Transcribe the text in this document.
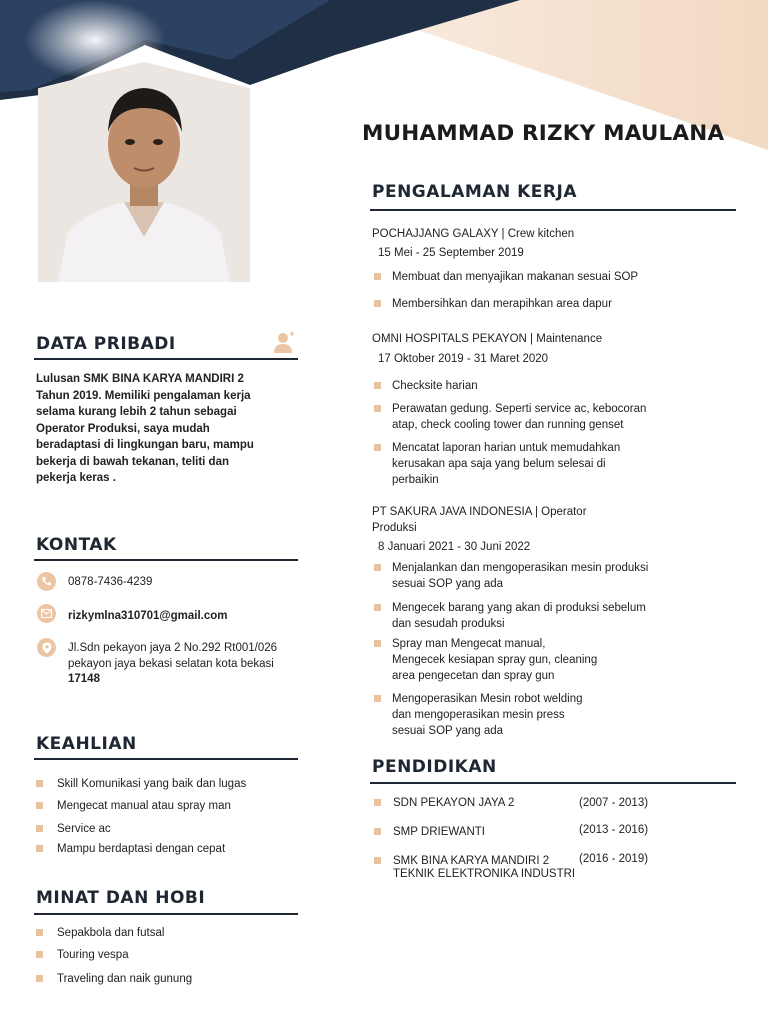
MUHAMMAD RIZKY MAULANA
DATA PRIBADI
Lulusan SMK BINA KARYA MANDIRI 2
Tahun 2019. Memiliki pengalaman kerja
selama kurang lebih 2 tahun sebagai
Operator Produksi, saya mudah
beradaptasi di lingkungan baru, mampu
bekerja di bawah tekanan, teliti dan
pekerja keras .
KONTAK
0878-7436-4239
rizkymlna310701@gmail.com
Jl.Sdn pekayon jaya 2 No.292 Rt001/026
pekayon jaya bekasi selatan kota bekasi
17148
KEAHLIAN
Skill Komunikasi yang baik dan lugas
Mengecat manual atau spray man
Service ac
Mampu berdaptasi dengan cepat
MINAT DAN HOBI
Sepakbola dan futsal
Touring vespa
Traveling dan naik gunung
PENGALAMAN KERJA
POCHAJJANG GALAXY | Crew kitchen
15 Mei - 25 September 2019
Membuat dan menyajikan makanan sesuai SOP
Membersihkan dan merapihkan area dapur
OMNI HOSPITALS PEKAYON | Maintenance
17 Oktober 2019 - 31 Maret 2020
Checksite harian
Perawatan gedung. Seperti service ac, kebocoran
atap, check cooling tower dan running genset
Mencatat laporan harian untuk memudahkan
kerusakan apa saja yang belum selesai di
perbaikin
PT SAKURA JAVA INDONESIA | Operator
Produksi
8 Januari 2021 - 30 Juni 2022
Menjalankan dan mengoperasikan mesin produksi
sesuai SOP yang ada
Mengecek barang yang akan di produksi sebelum
dan sesudah produksi
Spray man Mengecat manual,
Mengecek kesiapan spray gun, cleaning
area pengecetan dan spray gun
Mengoperasikan Mesin robot welding
dan mengoperasikan mesin press
sesuai SOP yang ada
PENDIDIKAN
SDN PEKAYON JAYA 2	(2007 - 2013)
SMP DRIEWANTI	(2013 - 2016)
SMK BINA KARYA MANDIRI 2	(2016 - 2019)
TEKNIK ELEKTRONIKA INDUSTRI
